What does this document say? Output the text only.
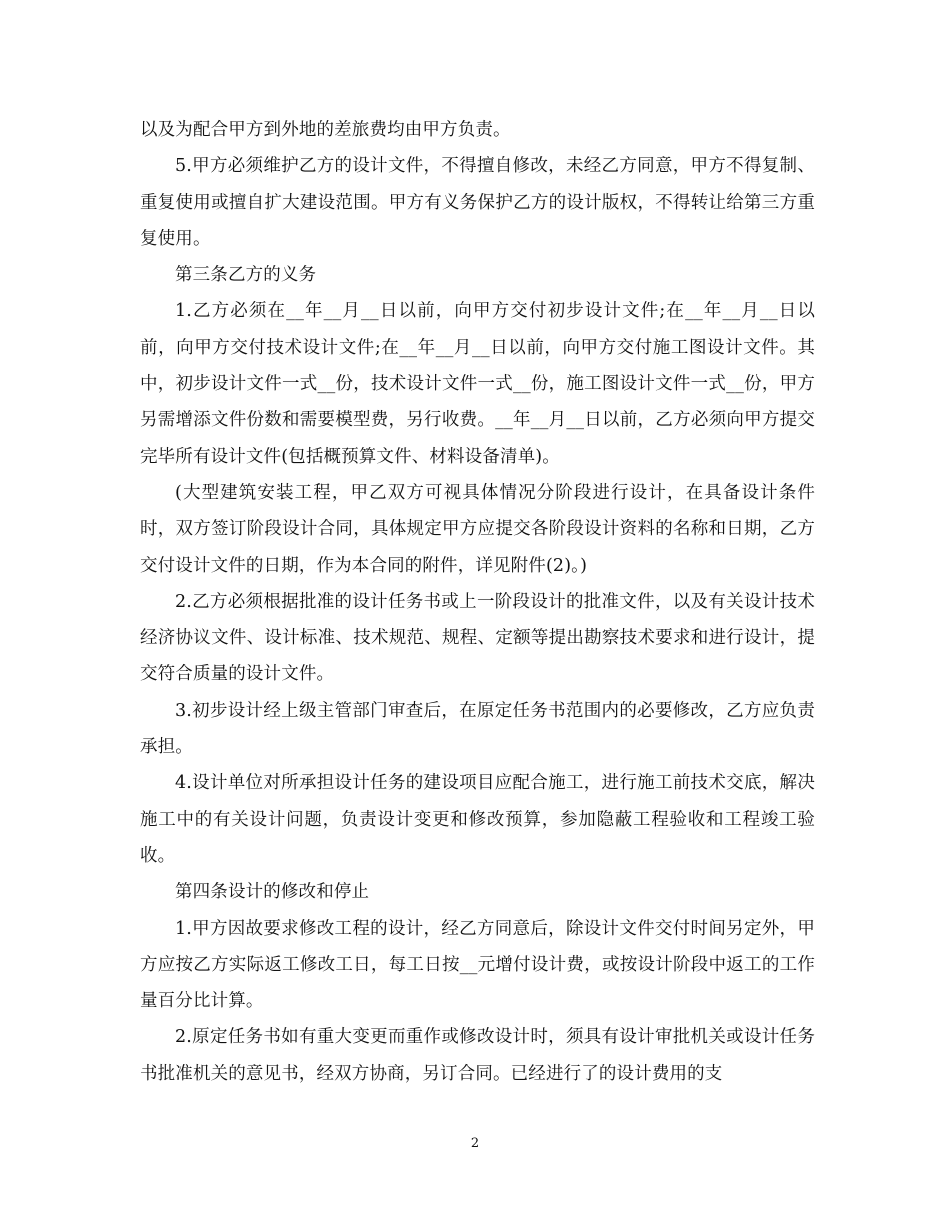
以及为配合甲方到外地的差旅费均由甲方负责。

5.甲方必须维护乙方的设计文件，不得擅自修改，未经乙方同意，甲方不得复制、重复使用或擅自扩大建设范围。甲方有义务保护乙方的设计版权，不得转让给第三方重复使用。

第三条乙方的义务

1.乙方必须在__年__月__日以前，向甲方交付初步设计文件;在__年__月__日以前，向甲方交付技术设计文件;在__年__月__日以前，向甲方交付施工图设计文件。其中，初步设计文件一式__份，技术设计文件一式__份，施工图设计文件一式__份，甲方另需增添文件份数和需要模型费，另行收费。__年__月__日以前，乙方必须向甲方提交完毕所有设计文件(包括概预算文件、材料设备清单)。

(大型建筑安装工程，甲乙双方可视具体情况分阶段进行设计，在具备设计条件时，双方签订阶段设计合同，具体规定甲方应提交各阶段设计资料的名称和日期，乙方交付设计文件的日期，作为本合同的附件，详见附件(2)。)

2.乙方必须根据批准的设计任务书或上一阶段设计的批准文件，以及有关设计技术经济协议文件、设计标准、技术规范、规程、定额等提出勘察技术要求和进行设计，提交符合质量的设计文件。

3.初步设计经上级主管部门审查后，在原定任务书范围内的必要修改，乙方应负责承担。

4.设计单位对所承担设计任务的建设项目应配合施工，进行施工前技术交底，解决施工中的有关设计问题，负责设计变更和修改预算，参加隐蔽工程验收和工程竣工验收。

第四条设计的修改和停止

1.甲方因故要求修改工程的设计，经乙方同意后，除设计文件交付时间另定外，甲方应按乙方实际返工修改工日，每工日按__元增付设计费，或按设计阶段中返工的工作量百分比计算。

2.原定任务书如有重大变更而重作或修改设计时，须具有设计审批机关或设计任务书批准机关的意见书，经双方协商，另订合同。已经进行了的设计费用的支

2
